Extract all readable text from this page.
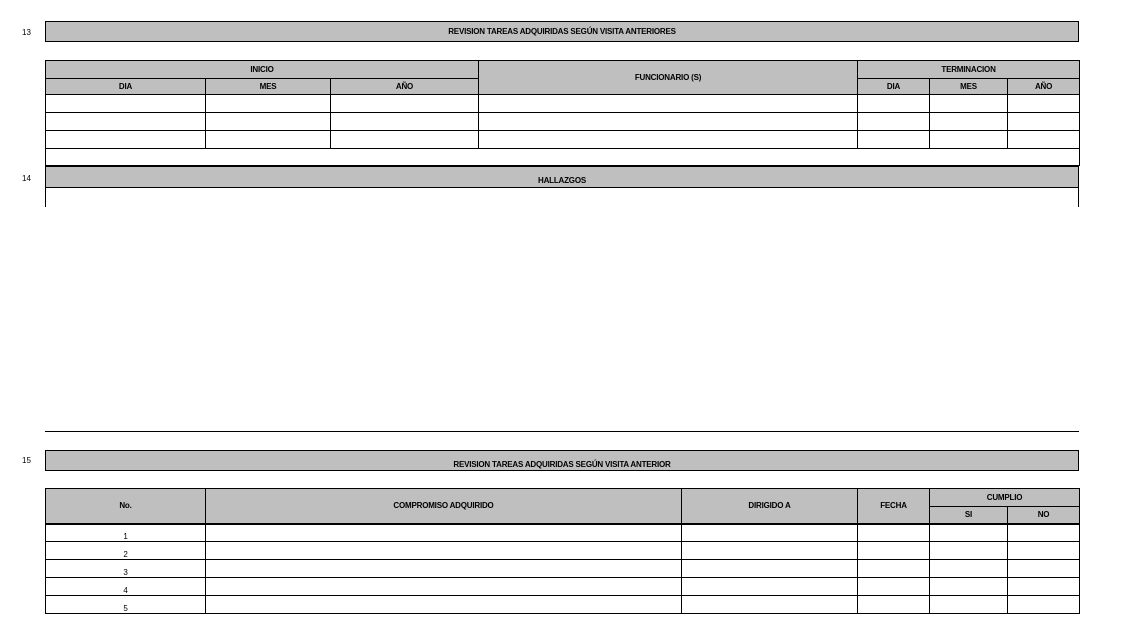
13	REVISION TAREAS ADQUIRIDAS SEGÚN VISITA ANTERIORES
INICIO			FUNCIONARIO (S)	TERMINACION		
DIA	MES	AÑO		DIA	MES	AÑO

14	HALLAZGOS
15	REVISION TAREAS ADQUIRIDAS SEGÚN VISITA ANTERIOR
No.	COMPROMISO ADQUIRIDO	DIRIGIDO A	FECHA	CUMPLIO	
				SI	NO
1					
2					
3					
4					
5					
